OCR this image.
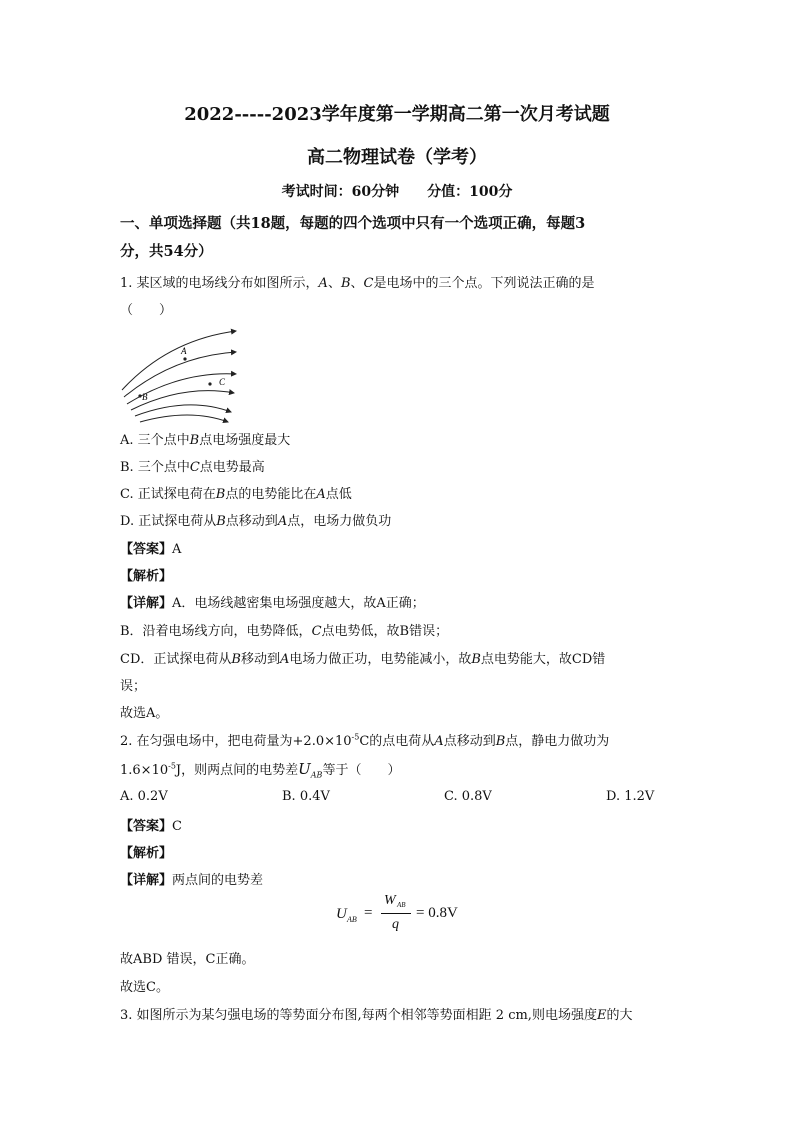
2022-----2023学年度第一学期高二第一次月考试题
高二物理试卷（学考）
考试时间：60分钟　　分值：100分
一、单项选择题（共18题，每题的四个选项中只有一个选项正确，每题3
分，共54分）
1. 某区域的电场线分布如图所示，A、B、C是电场中的三个点。下列说法正确的是
（　　）
A
C
B
A. 三个点中B点电场强度最大
B. 三个点中C点电势最高
C. 正试探电荷在B点的电势能比在A点低
D. 正试探电荷从B点移动到A点，电场力做负功
【答案】A
【解析】
【详解】A．电场线越密集电场强度越大，故A正确；
B．沿着电场线方向，电势降低，C点电势低，故B错误；
CD．正试探电荷从B移动到A电场力做正功，电势能减小，故B点电势能大，故CD错
误；
故选A。
2. 在匀强电场中，把电荷量为$+2.0\times 10^{-5}C$的点电荷从A点移动到B点，静电力做功为
$1.6\times 10^{-5}J$，则两点间的电势差$U_{AB}$等于（　　）
A. 0.2V	B. 0.4V	C. 0.8V	D. 1.2V
【答案】C
【解析】
【详解】两点间的电势差
U AB =
W AB
q
= 0.8V
故ABD 错误，C正确。
故选C。
3. 如图所示为某匀强电场的等势面分布图,每两个相邻等势面相距 2 cm,则电场强度E的大
